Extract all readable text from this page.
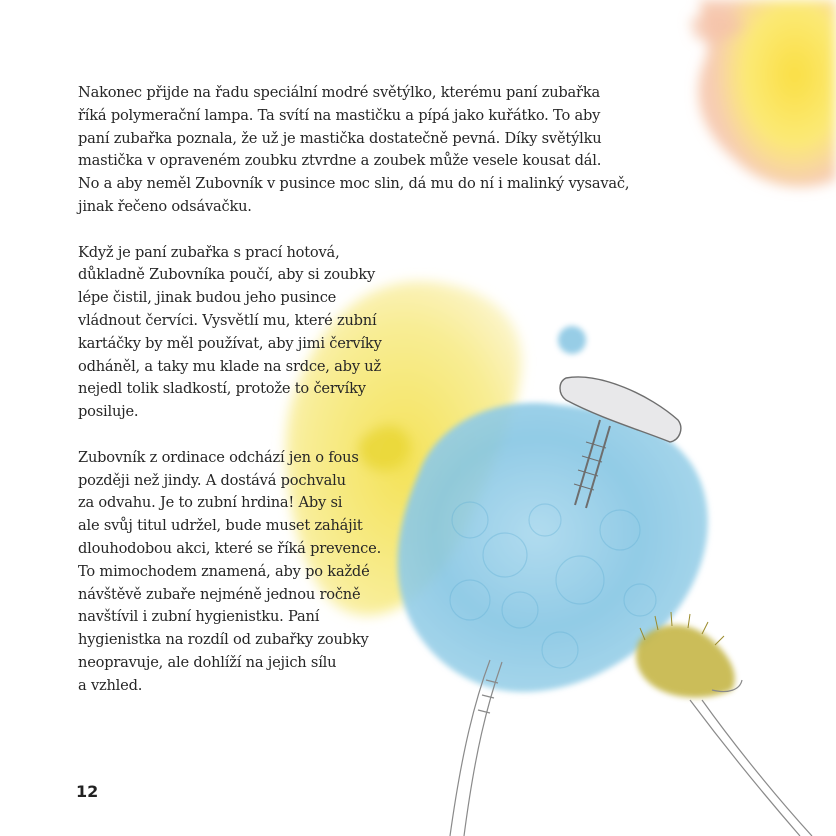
Nakonec přijde na řadu speciální modré světýlko, kterému paní zubařka
říká polymerační lampa. Ta svítí na mastičku a pípá jako kuřátko. To aby
paní zubařka poznala, že už je mastička dostatečně pevná. Díky světýlku
mastička v opraveném zoubku ztvrdne a zoubek může vesele kousat dál.
No a aby neměl Zubovník v pusince moc slin, dá mu do ní i malinký vysavač,
jinak řečeno odsávačku.

Když je paní zubařka s prací hotová,
důkladně Zubovníka poučí, aby si zoubky
lépe čistil, jinak budou jeho pusince
vládnout červíci. Vysvětlí mu, které zubní
kartáčky by měl používat, aby jimi červíky
odháněl, a taky mu klade na srdce, aby už
nejedl tolik sladkostí, protože to červíky
posiluje.

Zubovník z ordinace odchází jen o fous
později než jindy. A dostává pochvalu
za odvahu. Je to zubní hrdina! Aby si
ale svůj titul udržel, bude muset zahájit
dlouhodobou akci, které se říká prevence.
To mimochodem znamená, aby po každé
návštěvě zubaře nejméně jednou ročně
navštívil i zubní hygienistku. Paní
hygienistka na rozdíl od zubařky zoubky
neopravuje, ale dohlíží na jejich sílu
a vzhled.

12
